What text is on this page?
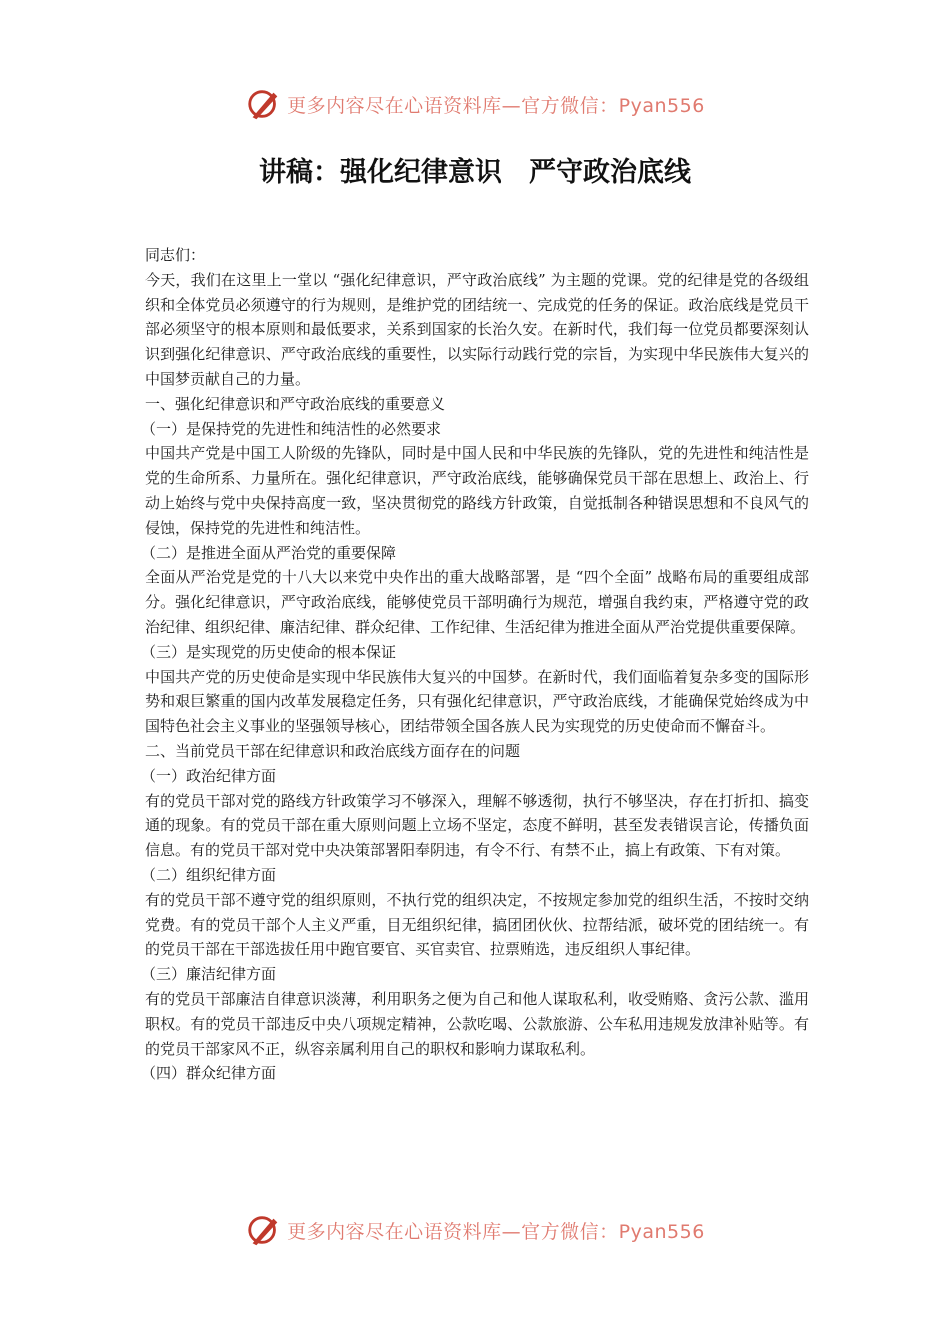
更多内容尽在心语资料库—官方微信：Pyan556
讲稿：强化纪律意识　严守政治底线

同志们：

今天，我们在这里上一堂以 “强化纪律意识，严守政治底线” 为主题的党课。党的纪律是党的各级组织和全体党员必须遵守的行为规则，是维护党的团结统一、完成党的任务的保证。政治底线是党员干部必须坚守的根本原则和最低要求，关系到国家的长治久安。在新时代，我们每一位党员都要深刻认识到强化纪律意识、严守政治底线的重要性，以实际行动践行党的宗旨，为实现中华民族伟大复兴的中国梦贡献自己的力量。

一、强化纪律意识和严守政治底线的重要意义

（一）是保持党的先进性和纯洁性的必然要求

中国共产党是中国工人阶级的先锋队，同时是中国人民和中华民族的先锋队，党的先进性和纯洁性是党的生命所系、力量所在。强化纪律意识，严守政治底线，能够确保党员干部在思想上、政治上、行动上始终与党中央保持高度一致，坚决贯彻党的路线方针政策，自觉抵制各种错误思想和不良风气的侵蚀，保持党的先进性和纯洁性。

（二）是推进全面从严治党的重要保障

全面从严治党是党的十八大以来党中央作出的重大战略部署，是 “四个全面” 战略布局的重要组成部分。强化纪律意识，严守政治底线，能够使党员干部明确行为规范，增强自我约束，严格遵守党的政治纪律、组织纪律、廉洁纪律、群众纪律、工作纪律、生活纪律为推进全面从严治党提供重要保障。

（三）是实现党的历史使命的根本保证

中国共产党的历史使命是实现中华民族伟大复兴的中国梦。在新时代，我们面临着复杂多变的国际形势和艰巨繁重的国内改革发展稳定任务，只有强化纪律意识，严守政治底线，才能确保党始终成为中国特色社会主义事业的坚强领导核心，团结带领全国各族人民为实现党的历史使命而不懈奋斗。

二、当前党员干部在纪律意识和政治底线方面存在的问题

（一）政治纪律方面

有的党员干部对党的路线方针政策学习不够深入，理解不够透彻，执行不够坚决，存在打折扣、搞变通的现象。有的党员干部在重大原则问题上立场不坚定，态度不鲜明，甚至发表错误言论，传播负面信息。有的党员干部对党中央决策部署阳奉阴违，有令不行、有禁不止，搞上有政策、下有对策。

（二）组织纪律方面

有的党员干部不遵守党的组织原则，不执行党的组织决定，不按规定参加党的组织生活，不按时交纳党费。有的党员干部个人主义严重，目无组织纪律，搞团团伙伙、拉帮结派，破坏党的团结统一。有的党员干部在干部选拔任用中跑官要官、买官卖官、拉票贿选，违反组织人事纪律。

（三）廉洁纪律方面

有的党员干部廉洁自律意识淡薄，利用职务之便为自己和他人谋取私利，收受贿赂、贪污公款、滥用职权。有的党员干部违反中央八项规定精神，公款吃喝、公款旅游、公车私用违规发放津补贴等。有的党员干部家风不正，纵容亲属利用自己的职权和影响力谋取私利。

（四）群众纪律方面

更多内容尽在心语资料库—官方微信：Pyan556
